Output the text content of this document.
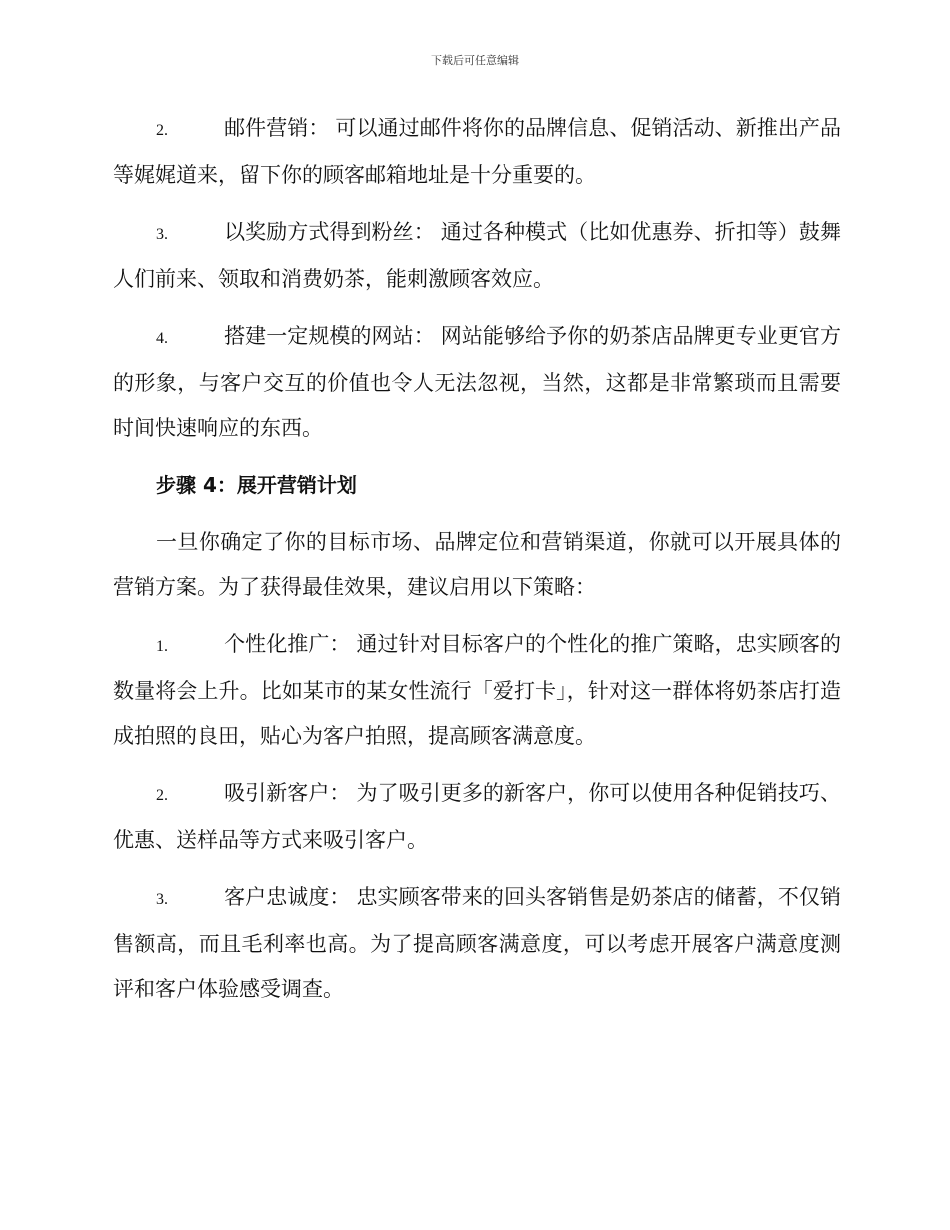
下载后可任意编辑

2.	邮件营销： 可以通过邮件将你的品牌信息、促销活动、新推出产品等娓娓道来，留下你的顾客邮箱地址是十分重要的。

3.	以奖励方式得到粉丝： 通过各种模式（比如优惠券、折扣等）鼓舞人们前来、领取和消费奶茶，能刺激顾客效应。

4.	搭建一定规模的网站： 网站能够给予你的奶茶店品牌更专业更官方的形象，与客户交互的价值也令人无法忽视，当然，这都是非常繁琐而且需要时间快速响应的东西。

步骤 4：展开营销计划

一旦你确定了你的目标市场、品牌定位和营销渠道，你就可以开展具体的营销方案。为了获得最佳效果，建议启用以下策略：

1.	个性化推广： 通过针对目标客户的个性化的推广策略，忠实顾客的数量将会上升。比如某市的某女性流行「爱打卡」，针对这一群体将奶茶店打造成拍照的良田，贴心为客户拍照，提高顾客满意度。

2.	吸引新客户： 为了吸引更多的新客户，你可以使用各种促销技巧、优惠、送样品等方式来吸引客户。

3.	客户忠诚度： 忠实顾客带来的回头客销售是奶茶店的储蓄，不仅销售额高，而且毛利率也高。为了提高顾客满意度，可以考虑开展客户满意度测评和客户体验感受调查。
